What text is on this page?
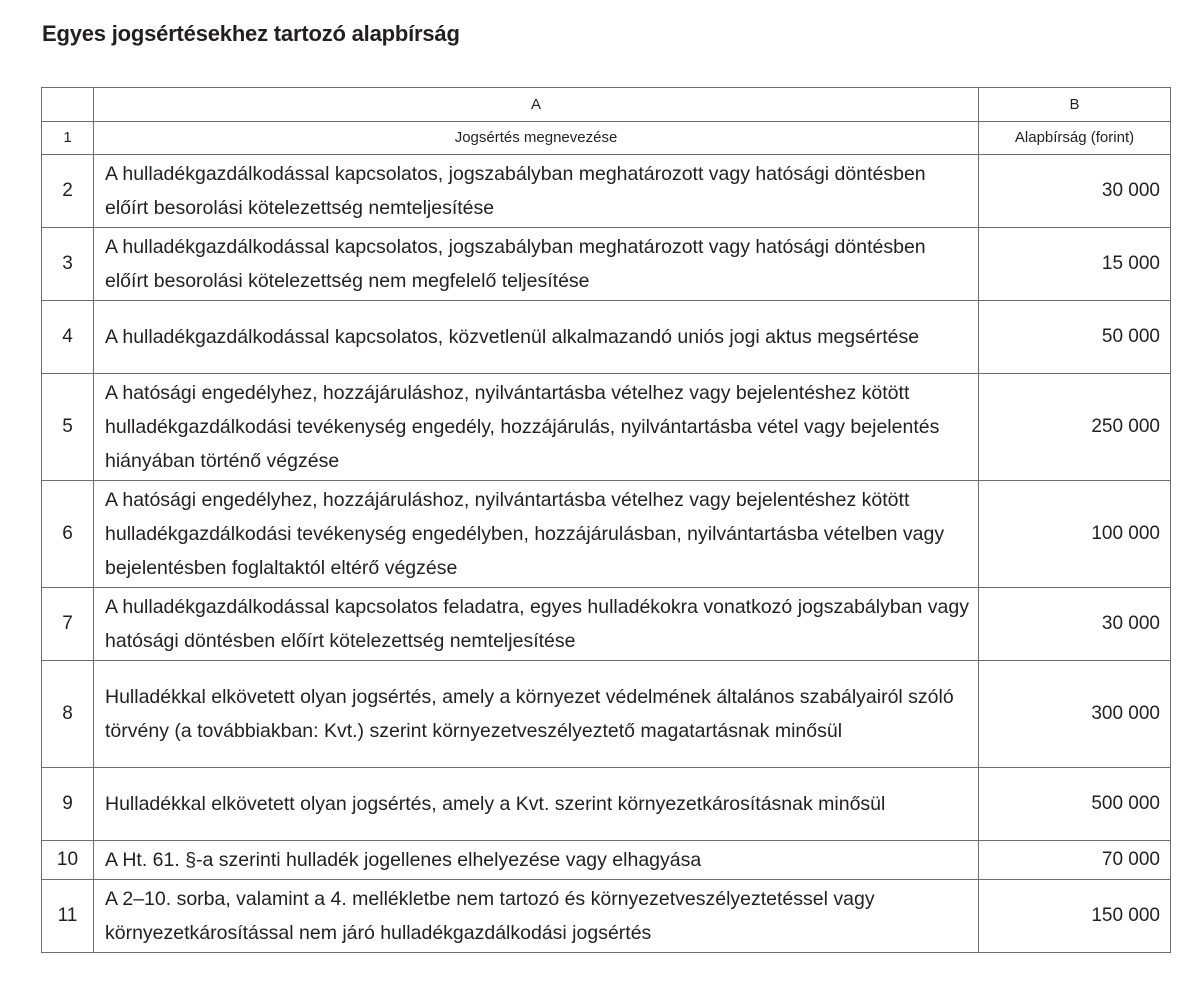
Egyes jogsértésekhez tartozó alapbírság
	A	B
1	Jogsértés megnevezése	Alapbírság (forint)
2	A hulladékgazdálkodással kapcsolatos, jogszabályban meghatározott vagy hatósági döntésben előírt besorolási kötelezettség nemteljesítése	30 000
3	A hulladékgazdálkodással kapcsolatos, jogszabályban meghatározott vagy hatósági döntésben előírt besorolási kötelezettség nem megfelelő teljesítése	15 000
4	A hulladékgazdálkodással kapcsolatos, közvetlenül alkalmazandó uniós jogi aktus megsértése	50 000
5	A hatósági engedélyhez, hozzájáruláshoz, nyilvántartásba vételhez vagy bejelentéshez kötött hulladékgazdálkodási tevékenység engedély, hozzájárulás, nyilvántartásba vétel vagy bejelentés hiányában történő végzése	250 000
6	A hatósági engedélyhez, hozzájáruláshoz, nyilvántartásba vételhez vagy bejelentéshez kötött hulladékgazdálkodási tevékenység engedélyben, hozzájárulásban, nyilvántartásba vételben vagy bejelentésben foglaltaktól eltérő végzése	100 000
7	A hulladékgazdálkodással kapcsolatos feladatra, egyes hulladékokra vonatkozó jogszabályban vagy hatósági döntésben előírt kötelezettség nemteljesítése	30 000
8	Hulladékkal elkövetett olyan jogsértés, amely a környezet védelmének általános szabályairól szóló törvény (a továbbiakban: Kvt.) szerint környezetveszélyeztető magatartásnak minősül	300 000
9	Hulladékkal elkövetett olyan jogsértés, amely a Kvt. szerint környezetkárosításnak minősül	500 000
10	A Ht. 61. §-a szerinti hulladék jogellenes elhelyezése vagy elhagyása	70 000
11	A 2–10. sorba, valamint a 4. mellékletbe nem tartozó és környezetveszélyeztetéssel vagy környezetkárosítással nem járó hulladékgazdálkodási jogsértés	150 000
